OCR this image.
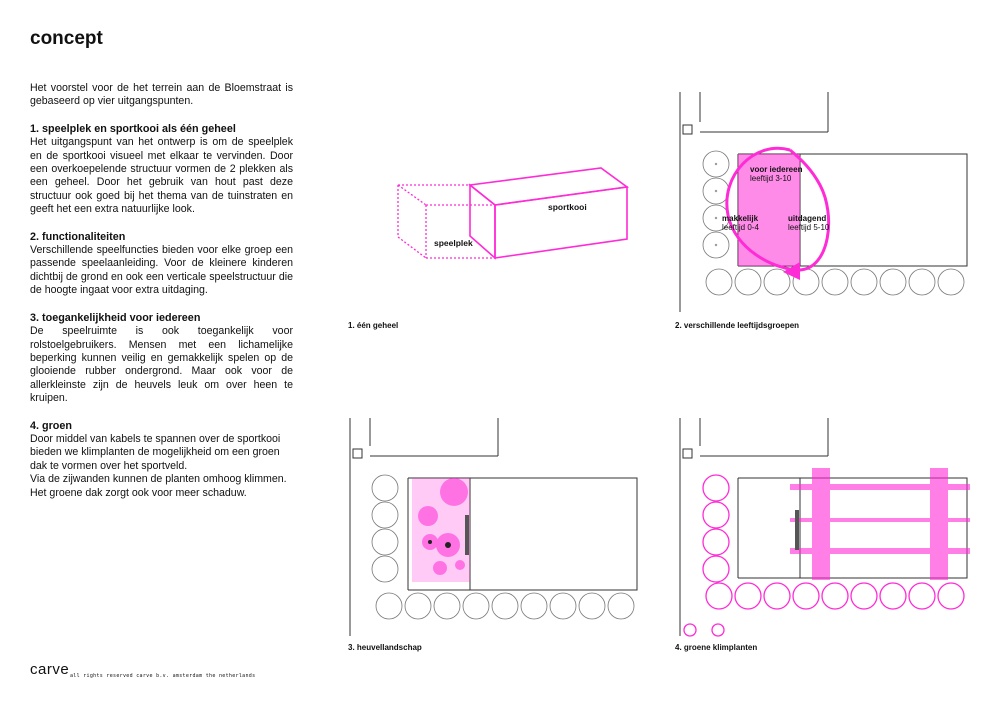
concept

Het voorstel voor de het terrein aan de Bloemstraat is gebaseerd op vier uitgangspunten.

1. speelplek en sportkooi als één geheel

Het uitgangspunt van het ontwerp is om de speelplek en de sportkooi visueel met elkaar te vervinden. Door een overkoepelende structuur vormen de 2 plekken als een geheel. Door het gebruik van hout past deze structuur ook goed bij het thema van de tuinstraten en geeft het een extra natuurlijke look.

2. functionaliteiten

Verschillende speelfuncties bieden voor elke groep een passende speelaanleiding. Voor de kleinere kinderen dichtbij de grond en ook een verticale speelstructuur die de hoogte ingaat voor extra uitdaging.

3. toegankelijkheid voor iedereen

De speelruimte is ook toegankelijk voor rolstoelgebruikers. Mensen met een lichamelijke beperking kunnen veilig en gemakkelijk spelen op de glooiende rubber ondergrond. Maar ook voor de allerkleinste zijn de heuvels leuk om over heen te kruipen.

4. groen

Door middel van kabels te spannen over de sportkooi bieden we klimplanten de mogelijkheid om een groen dak te vormen over het sportveld.

Via de zijwanden kunnen de planten omhoog klimmen. Het groene dak zorgt ook voor meer schaduw.

sportkooi
speelplek
1. één geheel
voor iedereen
leeftijd 3-10
makkelijk
leeftijd 0-4
uitdagend
leeftijd 5-10
2. verschillende leeftijdsgroepen
3. heuvellandschap	4. groene klimplanten
carve all rights reserved carve b.v. amsterdam the netherlands
